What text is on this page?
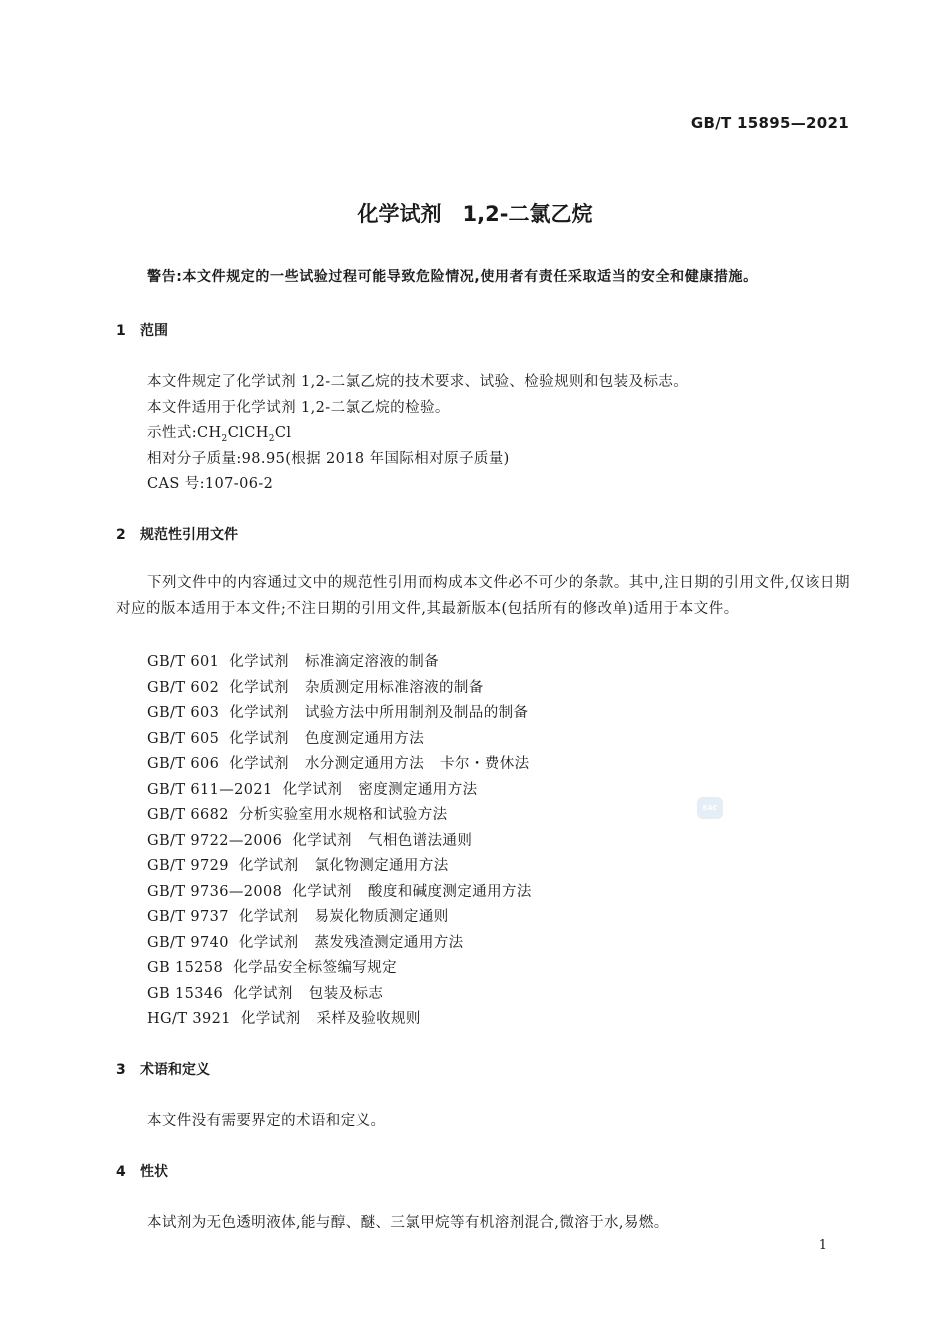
GB/T 15895—2021
化学试剂　1,2-二氯乙烷
警告:本文件规定的一些试验过程可能导致危险情况,使用者有责任采取适当的安全和健康措施。
1 范围
本文件规定了化学试剂 1,2-二氯乙烷的技术要求、试验、检验规则和包装及标志。
本文件适用于化学试剂 1,2-二氯乙烷的检验。
示性式$:CH_2ClCH_2Cl$
相对分子质量:98.95(根据 2018 年国际相对原子质量)
CAS 号:107-06-2
2 规范性引用文件
下列文件中的内容通过文中的规范性引用而构成本文件必不可少的条款。其中,注日期的引用文件,仅该日期对应的版本适用于本文件;不注日期的引用文件,其最新版本(包括所有的修改单)适用于本文件。
GB/T 601 化学试剂 标准滴定溶液的制备
GB/T 602 化学试剂 杂质测定用标准溶液的制备
GB/T 603 化学试剂 试验方法中所用制剂及制品的制备
GB/T 605 化学试剂 色度测定通用方法
GB/T 606 化学试剂 水分测定通用方法 卡尔・费休法
GB/T 611—2021 化学试剂 密度测定通用方法
GB/T 6682 分析实验室用水规格和试验方法
GB/T 9722—2006 化学试剂 气相色谱法通则
GB/T 9729 化学试剂 氯化物测定通用方法
GB/T 9736—2008 化学试剂 酸度和碱度测定通用方法
GB/T 9737 化学试剂 易炭化物质测定通则
GB/T 9740 化学试剂 蒸发残渣测定通用方法
GB 15258 化学品安全标签编写规定
GB 15346 化学试剂 包装及标志
HG/T 3921 化学试剂 采样及验收规则
SAC
3 术语和定义
本文件没有需要界定的术语和定义。
4 性状
本试剂为无色透明液体,能与醇、醚、三氯甲烷等有机溶剂混合,微溶于水,易燃。
1
